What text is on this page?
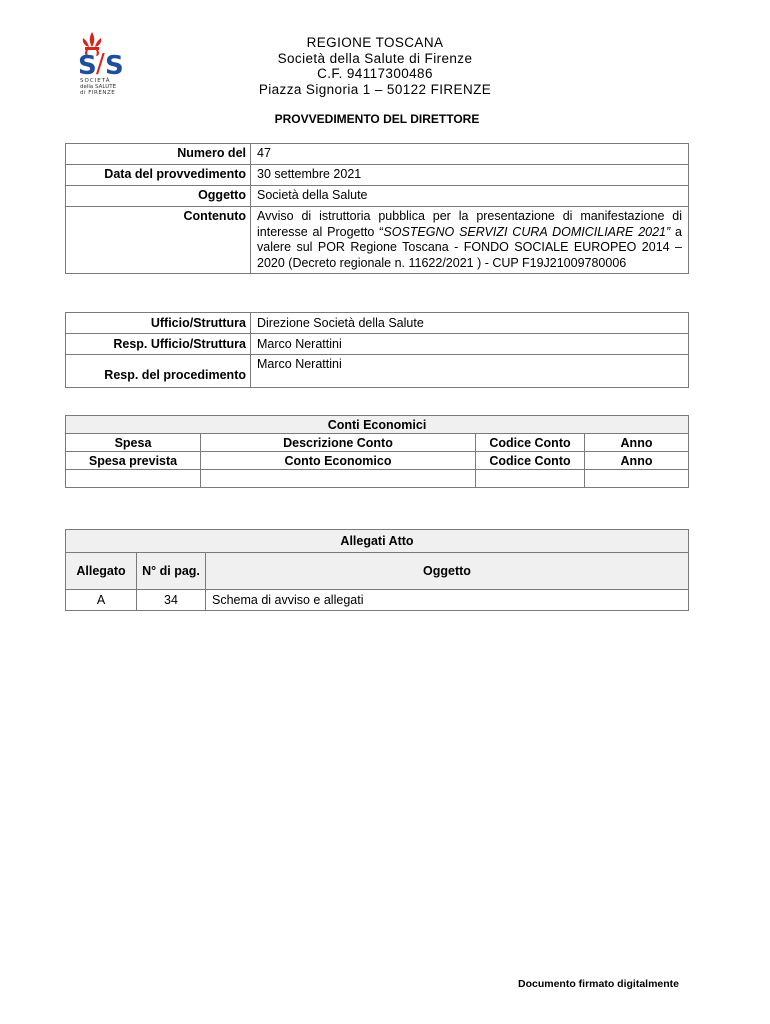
S / S
SOCIETÀ
della SALUTE
di FIRENZE
REGIONE TOSCANA
Società della Salute di Firenze
C.F. 94117300486
Piazza Signoria 1 – 50122 FIRENZE
PROVVEDIMENTO DEL DIRETTORE
Numero del	47
Data del provvedimento	30 settembre 2021
Oggetto	Società della Salute
Contenuto	Avviso di istruttoria pubblica per la presentazione di manifestazione di interesse al Progetto “SOSTEGNO SERVIZI CURA DOMICILIARE 2021” a valere sul POR Regione Toscana - FONDO SOCIALE EUROPEO 2014 – 2020 (Decreto regionale n. 11622/2021 ) - CUP F19J21009780006
Ufficio/Struttura	Direzione Società della Salute
Resp. Ufficio/Struttura	Marco Nerattini
Resp. del procedimento	Marco Nerattini
Conti Economici			
Spesa	Descrizione Conto	Codice Conto	Anno
Spesa prevista	Conto Economico	Codice Conto	Anno

Allegati Atto		
Allegato	N° di pag.	Oggetto
A	34	Schema di avviso e allegati
Documento firmato digitalmente
